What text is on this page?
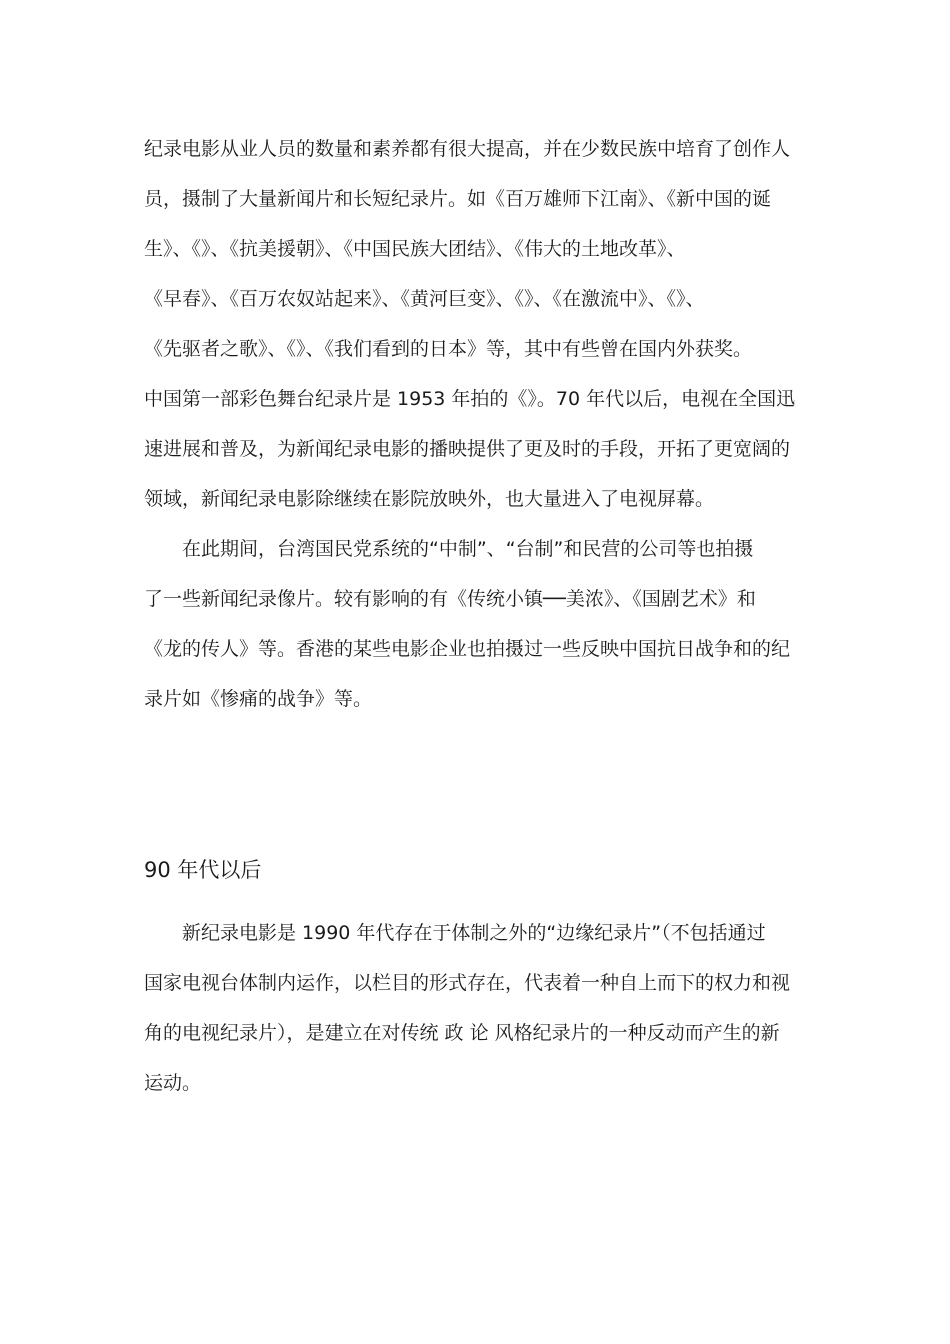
纪录电影从业人员的数量和素养都有很大提高，并在少数民族中培育了创作人
员，摄制了大量新闻片和长短纪录片。如《百万雄师下江南》、《新中国的诞
生》、《》、《抗美援朝》、《中国民族大团结》、《伟大的土地改革》、
《早春》、《百万农奴站起来》、《黄河巨变》、《》、《在激流中》、《》、
《先驱者之歌》、《》、《我们看到的日本》等，其中有些曾在国内外获奖。
中国第一部彩色舞台纪录片是 1953 年拍的《》。70 年代以后，电视在全国迅
速进展和普及，为新闻纪录电影的播映提供了更及时的手段，开拓了更宽阔的
领域，新闻纪录电影除继续在影院放映外，也大量进入了电视屏幕。
在此期间，台湾国民党系统的“中制”、“台制”和民营的公司等也拍摄
了一些新闻纪录像片。较有影响的有《传统小镇──美浓》、《国剧艺术》和
《龙的传人》等。香港的某些电影企业也拍摄过一些反映中国抗日战争和的纪
录片如《惨痛的战争》等。
90 年代以后
新纪录电影是 1990 年代存在于体制之外的“边缘纪录片”（不包括通过
国家电视台体制内运作，以栏目的形式存在，代表着一种自上而下的权力和视
角的电视纪录片），是建立在对传统 政 论 风格纪录片的一种反动而产生的新
运动。
